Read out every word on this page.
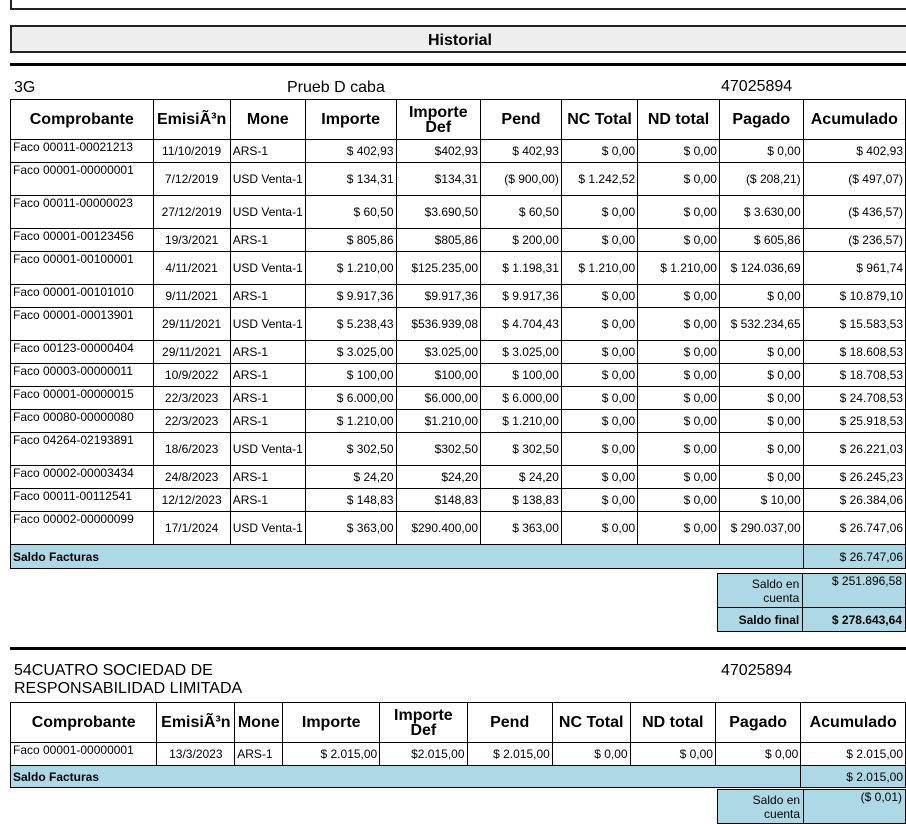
Historial
3G	Prueb D caba	47025894
Comprobante	EmisiÃ³n	Mone	Importe	Importe Def	Pend	NC Total	ND total	Pagado	Acumulado
Faco 00011-00021213	11/10/2019	ARS-1	$ 402,93	$402,93	$ 402,93	$ 0,00	$ 0,00	$ 0,00	$ 402,93
Faco 00001-00000001	7/12/2019	USD Venta-1	$ 134,31	$134,31	($ 900,00)	$ 1.242,52	$ 0,00	($ 208,21)	($ 497,07)
Faco 00011-00000023	27/12/2019	USD Venta-1	$ 60,50	$3.690,50	$ 60,50	$ 0,00	$ 0,00	$ 3.630,00	($ 436,57)
Faco 00001-00123456	19/3/2021	ARS-1	$ 805,86	$805,86	$ 200,00	$ 0,00	$ 0,00	$ 605,86	($ 236,57)
Faco 00001-00100001	4/11/2021	USD Venta-1	$ 1.210,00	$125.235,00	$ 1.198,31	$ 1.210,00	$ 1.210,00	$ 124.036,69	$ 961,74
Faco 00001-00101010	9/11/2021	ARS-1	$ 9.917,36	$9.917,36	$ 9.917,36	$ 0,00	$ 0,00	$ 0,00	$ 10.879,10
Faco 00001-00013901	29/11/2021	USD Venta-1	$ 5.238,43	$536.939,08	$ 4.704,43	$ 0,00	$ 0,00	$ 532.234,65	$ 15.583,53
Faco 00123-00000404	29/11/2021	ARS-1	$ 3.025,00	$3.025,00	$ 3.025,00	$ 0,00	$ 0,00	$ 0,00	$ 18.608,53
Faco 00003-00000011	10/9/2022	ARS-1	$ 100,00	$100,00	$ 100,00	$ 0,00	$ 0,00	$ 0,00	$ 18.708,53
Faco 00001-00000015	22/3/2023	ARS-1	$ 6.000,00	$6.000,00	$ 6.000,00	$ 0,00	$ 0,00	$ 0,00	$ 24.708,53
Faco 00080-00000080	22/3/2023	ARS-1	$ 1.210,00	$1.210,00	$ 1.210,00	$ 0,00	$ 0,00	$ 0,00	$ 25.918,53
Faco 04264-02193891	18/6/2023	USD Venta-1	$ 302,50	$302,50	$ 302,50	$ 0,00	$ 0,00	$ 0,00	$ 26.221,03
Faco 00002-00003434	24/8/2023	ARS-1	$ 24,20	$24,20	$ 24,20	$ 0,00	$ 0,00	$ 0,00	$ 26.245,23
Faco 00011-00112541	12/12/2023	ARS-1	$ 148,83	$148,83	$ 138,83	$ 0,00	$ 0,00	$ 10,00	$ 26.384,06
Faco 00002-00000099	17/1/2024	USD Venta-1	$ 363,00	$290.400,00	$ 363,00	$ 0,00	$ 0,00	$ 290.037,00	$ 26.747,06
Saldo Facturas									$ 26.747,06
Saldo en cuenta	$ 251.896,58
Saldo final	$ 278.643,64
54CUATRO SOCIEDAD DE RESPONSABILIDAD LIMITADA
47025894
Comprobante	EmisiÃ³n	Mone	Importe	Importe Def	Pend	NC Total	ND total	Pagado	Acumulado
Faco 00001-00000001	13/3/2023	ARS-1	$ 2.015,00	$2.015,00	$ 2.015,00	$ 0,00	$ 0,00	$ 0,00	$ 2.015,00
Saldo Facturas									$ 2.015,00
Saldo en cuenta	($ 0,01)
